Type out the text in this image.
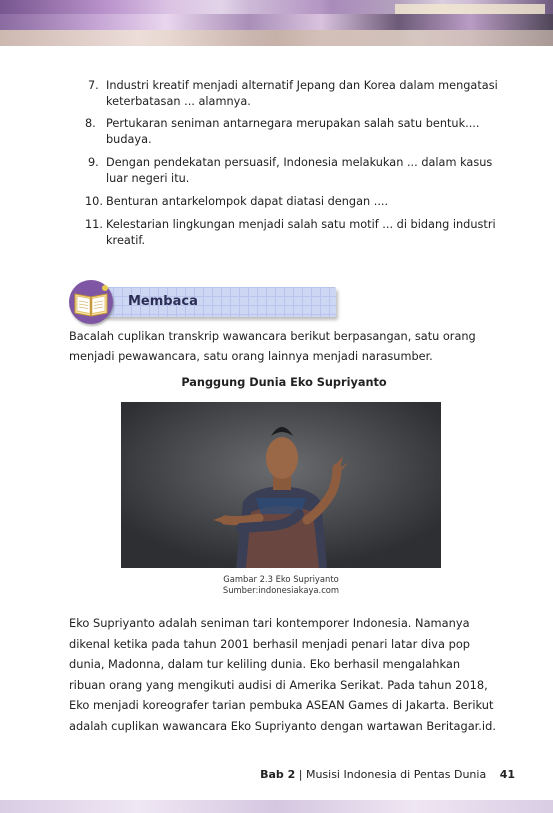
7. Industri kreatif menjadi alternatif Jepang dan Korea dalam mengatasi keterbatasan ... alamnya.
8. Pertukaran seniman antarnegara merupakan salah satu bentuk.... budaya.
9. Dengan pendekatan persuasif, Indonesia melakukan ... dalam kasus luar negeri itu.
10. Benturan antarkelompok dapat diatasi dengan ....
11. Kelestarian lingkungan menjadi salah satu motif ... di bidang industri kreatif.
Membaca

Bacalah cuplikan transkrip wawancara berikut berpasangan, satu orang menjadi pewawancara, satu orang lainnya menjadi narasumber.

Panggung Dunia Eko Supriyanto

Gambar 2.3 Eko Supriyanto
Sumber:indonesiakaya.com

Eko Supriyanto adalah seniman tari kontemporer Indonesia. Namanya dikenal ketika pada tahun 2001 berhasil menjadi penari latar diva pop dunia, Madonna, dalam tur keliling dunia. Eko berhasil mengalahkan ribuan orang yang mengikuti audisi di Amerika Serikat. Pada tahun 2018, Eko menjadi koreografer tarian pembuka ASEAN Games di Jakarta. Berikut adalah cuplikan wawancara Eko Supriyanto dengan wartawan Beritagar.id.

Bab 2 | Musisi Indonesia di Pentas Dunia 41
